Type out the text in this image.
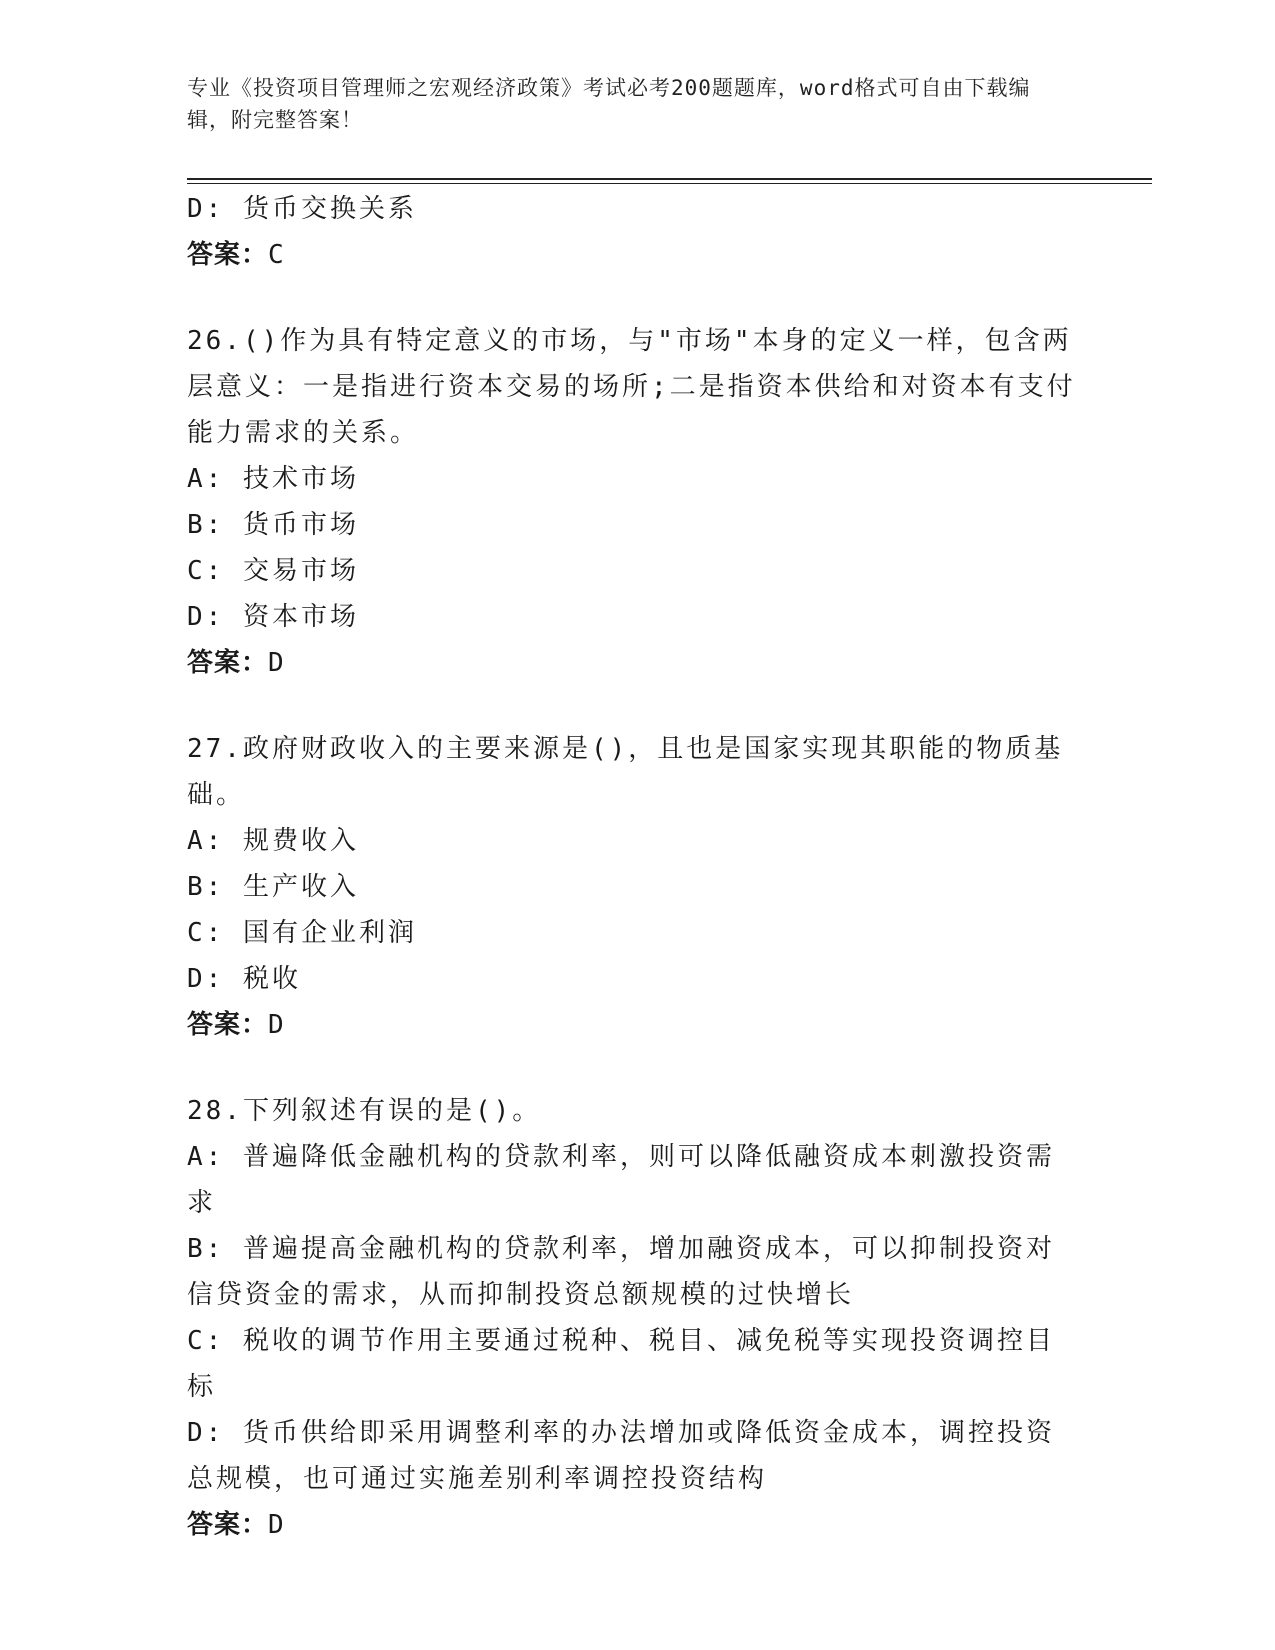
专业《投资项目管理师之宏观经济政策》考试必考200题题库，word格式可自由下载编辑，附完整答案！

D: 货币交换关系

答案：C

26.()作为具有特定意义的市场，与"市场"本身的定义一样，包含两层意义：一是指进行资本交易的场所;二是指资本供给和对资本有支付能力需求的关系。

A: 技术市场

B: 货币市场

C: 交易市场

D: 资本市场

答案：D

27.政府财政收入的主要来源是()，且也是国家实现其职能的物质基础。

A: 规费收入

B: 生产收入

C: 国有企业利润

D: 税收

答案：D

28.下列叙述有误的是()。

A: 普遍降低金融机构的贷款利率，则可以降低融资成本刺激投资需求

B: 普遍提高金融机构的贷款利率，增加融资成本，可以抑制投资对信贷资金的需求，从而抑制投资总额规模的过快增长

C: 税收的调节作用主要通过税种、税目、减免税等实现投资调控目标

D: 货币供给即采用调整利率的办法增加或降低资金成本，调控投资总规模，也可通过实施差别利率调控投资结构

答案：D
